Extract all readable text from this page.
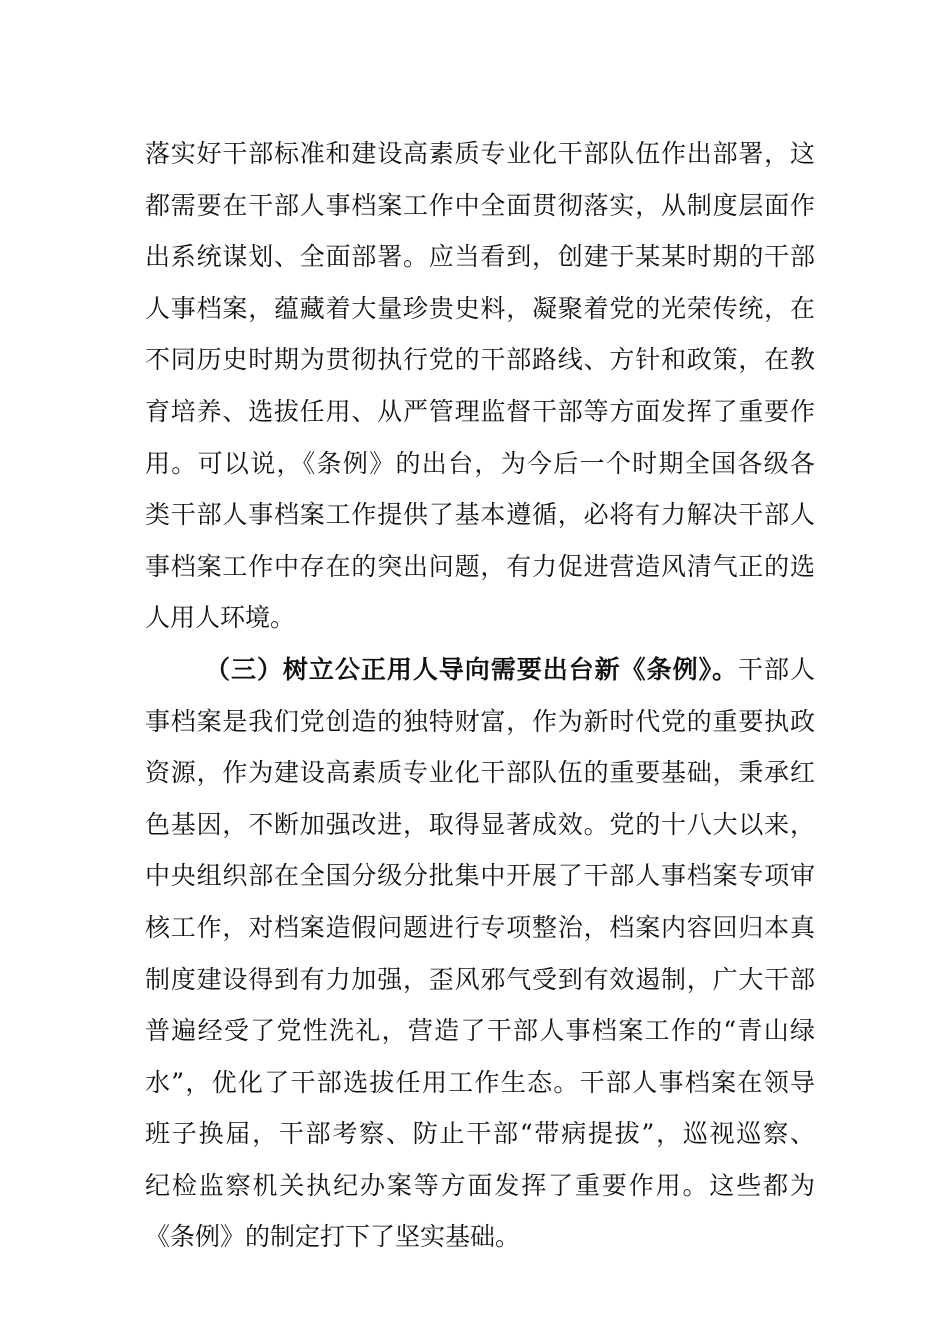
落实好干部标准和建设高素质专业化干部队伍作出部署，这
都需要在干部人事档案工作中全面贯彻落实，从制度层面作
出系统谋划、全面部署。应当看到，创建于某某时期的干部
人事档案，蕴藏着大量珍贵史料，凝聚着党的光荣传统，在
不同历史时期为贯彻执行党的干部路线、方针和政策，在教
育培养、选拔任用、从严管理监督干部等方面发挥了重要作
用。可以说，《条例》的出台，为今后一个时期全国各级各
类干部人事档案工作提供了基本遵循，必将有力解决干部人
事档案工作中存在的突出问题，有力促进营造风清气正的选
人用人环境。
（三）树立公正用人导向需要出台新《条例》。干部人
事档案是我们党创造的独特财富，作为新时代党的重要执政
资源，作为建设高素质专业化干部队伍的重要基础，秉承红
色基因，不断加强改进，取得显著成效。党的十八大以来，
中央组织部在全国分级分批集中开展了干部人事档案专项审
核工作，对档案造假问题进行专项整治，档案内容回归本真
制度建设得到有力加强，歪风邪气受到有效遏制，广大干部
普遍经受了党性洗礼，营造了干部人事档案工作的“青山绿
水”，优化了干部选拔任用工作生态。干部人事档案在领导
班子换届，干部考察、防止干部“带病提拔”，巡视巡察、
纪检监察机关执纪办案等方面发挥了重要作用。这些都为
《条例》的制定打下了坚实基础。
